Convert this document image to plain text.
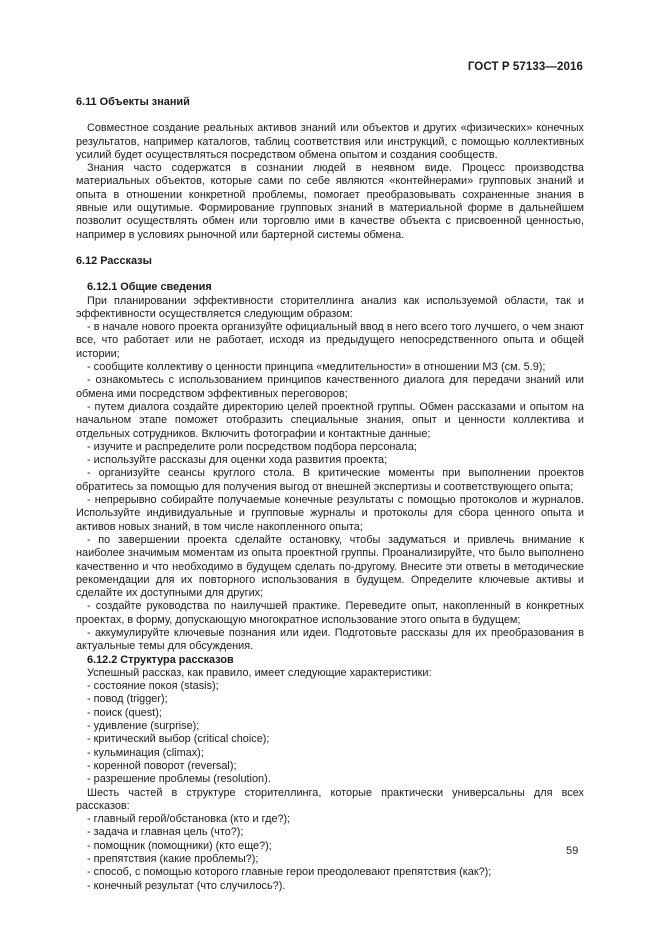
ГОСТ Р 57133—2016

6.11 Объекты знаний

Совместное создание реальных активов знаний или объектов и других «физических» конечных результатов, например каталогов, таблиц соответствия или инструкций, с помощью коллективных усилий будет осуществляться посредством обмена опытом и создания сообществ.

Знания часто содержатся в сознании людей в неявном виде. Процесс производства материальных объектов, которые сами по себе являются «контейнерами» групповых знаний и опыта в отношении конкретной проблемы, помогает преобразовывать сохраненные знания в явные или ощутимые. Формирование групповых знаний в материальной форме в дальнейшем позволит осуществлять обмен или торговлю ими в качестве объекта с присвоенной ценностью, например в условиях рыночной или бартерной системы обмена.

6.12 Рассказы

6.12.1 Общие сведения

При планировании эффективности сторителлинга анализ как используемой области, так и эффективности осуществляется следующим образом:

- в начале нового проекта организуйте официальный ввод в него всего того лучшего, о чем знают все, что работает или не работает, исходя из предыдущего непосредственного опыта и общей истории;

- сообщите коллективу о ценности принципа «медлительности» в отношении МЗ (см. 5.9);

- ознакомьтесь с использованием принципов качественного диалога для передачи знаний или обмена ими посредством эффективных переговоров;

- путем диалога создайте директорию целей проектной группы. Обмен рассказами и опытом на начальном этапе поможет отобразить специальные знания, опыт и ценности коллектива и отдельных сотрудников. Включить фотографии и контактные данные;

- изучите и распределите роли посредством подбора персонала;

- используйте рассказы для оценки хода развития проекта;

- организуйте сеансы круглого стола. В критические моменты при выполнении проектов обратитесь за помощью для получения выгод от внешней экспертизы и соответствующего опыта;

- непрерывно собирайте получаемые конечные результаты с помощью протоколов и журналов. Используйте индивидуальные и групповые журналы и протоколы для сбора ценного опыта и активов новых знаний, в том числе накопленного опыта;

- по завершении проекта сделайте остановку, чтобы задуматься и привлечь внимание к наиболее значимым моментам из опыта проектной группы. Проанализируйте, что было выполнено качественно и что необходимо в будущем сделать по-другому. Внесите эти ответы в методические рекомендации для их повторного использования в будущем. Определите ключевые активы и сделайте их доступными для других;

- создайте руководства по наилучшей практике. Переведите опыт, накопленный в конкретных проектах, в форму, допускающую многократное использование этого опыта в будущем;

- аккумулируйте ключевые познания или идеи. Подготовьте рассказы для их преобразования в актуальные темы для обсуждения.

6.12.2 Структура рассказов

Успешный рассказ, как правило, имеет следующие характеристики:

- состояние покоя (stasis);

- повод (trigger);

- поиск (quest);

- удивление (surprise);

- критический выбор (critical choice);

- кульминация (climax);

- коренной поворот (reversal);

- разрешение проблемы (resolution).

Шесть частей в структуре сторителлинга, которые практически универсальны для всех рассказов:

- главный герой/обстановка (кто и где?);

- задача и главная цель (что?);

- помощник (помощники) (кто еще?);

- препятствия (какие проблемы?);

- способ, с помощью которого главные герои преодолевают препятствия (как?);

- конечный результат (что случилось?).

59
